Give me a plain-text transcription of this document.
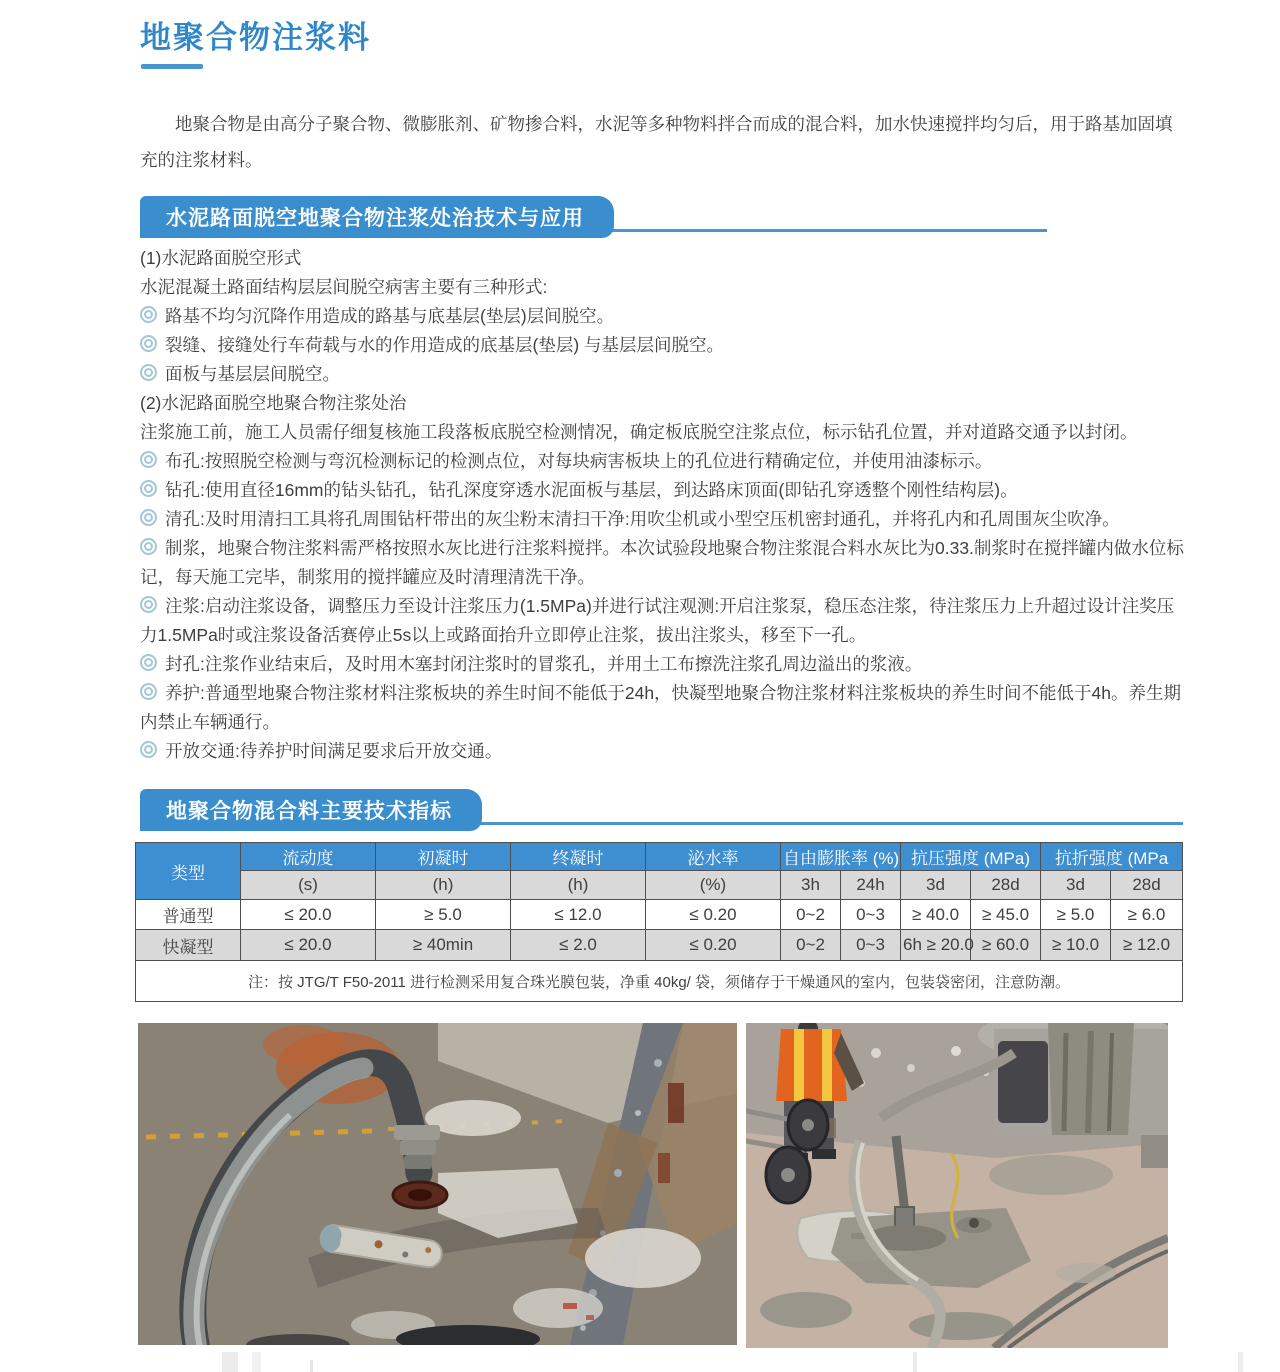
地聚合物注浆料
地聚合物是由高分子聚合物、微膨胀剂、矿物掺合料，水泥等多种物料拌合而成的混合料，加水快速搅拌均匀后，用于路基加固填充的注浆材料。
水泥路面脱空地聚合物注浆处治技术与应用

(1)水泥路面脱空形式

水泥混凝土路面结构层层间脱空病害主要有三种形式:

路基不均匀沉降作用造成的路基与底基层(垫层)层间脱空。

裂缝、接缝处行车荷载与水的作用造成的底基层(垫层) 与基层层间脱空。

面板与基层层间脱空。

(2)水泥路面脱空地聚合物注浆处治

注浆施工前，施工人员需仔细复核施工段落板底脱空检测情况，确定板底脱空注浆点位，标示钻孔位置，并对道路交通予以封闭。

布孔:按照脱空检测与弯沉检测标记的检测点位，对每块病害板块上的孔位进行精确定位，并使用油漆标示。

钻孔:使用直径16mm的钻头钻孔，钻孔深度穿透水泥面板与基层，到达路床顶面(即钻孔穿透整个刚性结构层)。

清孔:及时用清扫工具将孔周围钻杆带出的灰尘粉末清扫干净:用吹尘机或小型空压机密封通孔，并将孔内和孔周围灰尘吹净。

制浆，地聚合物注浆料需严格按照水灰比进行注浆料搅拌。本次试验段地聚合物注浆混合料水灰比为0.33.制浆时在搅拌罐内做水位标记，每天施工完毕，制浆用的搅拌罐应及时清理清洗干净。

注浆:启动注浆设备，调整压力至设计注浆压力(1.5MPa)并进行试注观测:开启注浆泵，稳压态注浆，待注浆压力上升超过设计注奖压力1.5MPa时或注浆设备活赛停止5s以上或路面抬升立即停止注浆，拔出注浆头，移至下一孔。

封孔:注浆作业结束后，及时用木塞封闭注浆时的冒浆孔，并用土工布擦洗注浆孔周边溢出的浆液。

养护:普通型地聚合物注浆材料注浆板块的养生时间不能低于24h，快凝型地聚合物注浆材料注浆板块的养生时间不能低于4h。养生期内禁止车辆通行。

开放交通:待养护时间满足要求后开放交通。

地聚合物混合料主要技术指标
类型	流动度	初凝时	终凝时	泌水率	自由膨胀率 (%)		抗压强度 (MPa)		抗折强度 (MPa	
	(s)	(h)	(h)	(%)	3h	24h	3d	28d	3d	28d
普通型	≤ 20.0	≥ 5.0	≤ 12.0	≤ 0.20	0~2	0~3	≥ 40.0	≥ 45.0	≥ 5.0	≥ 6.0
快凝型	≤ 20.0	≥ 40min	≤ 2.0	≤ 0.20	0~2	0~3	6h ≥ 20.0	≥ 60.0	≥ 10.0	≥ 12.0
注：按 JTG/T F50-2011 进行检测采用复合珠光膜包装，净重 40kg/ 袋，须储存于干燥通风的室内，包装袋密闭，注意防潮。										
